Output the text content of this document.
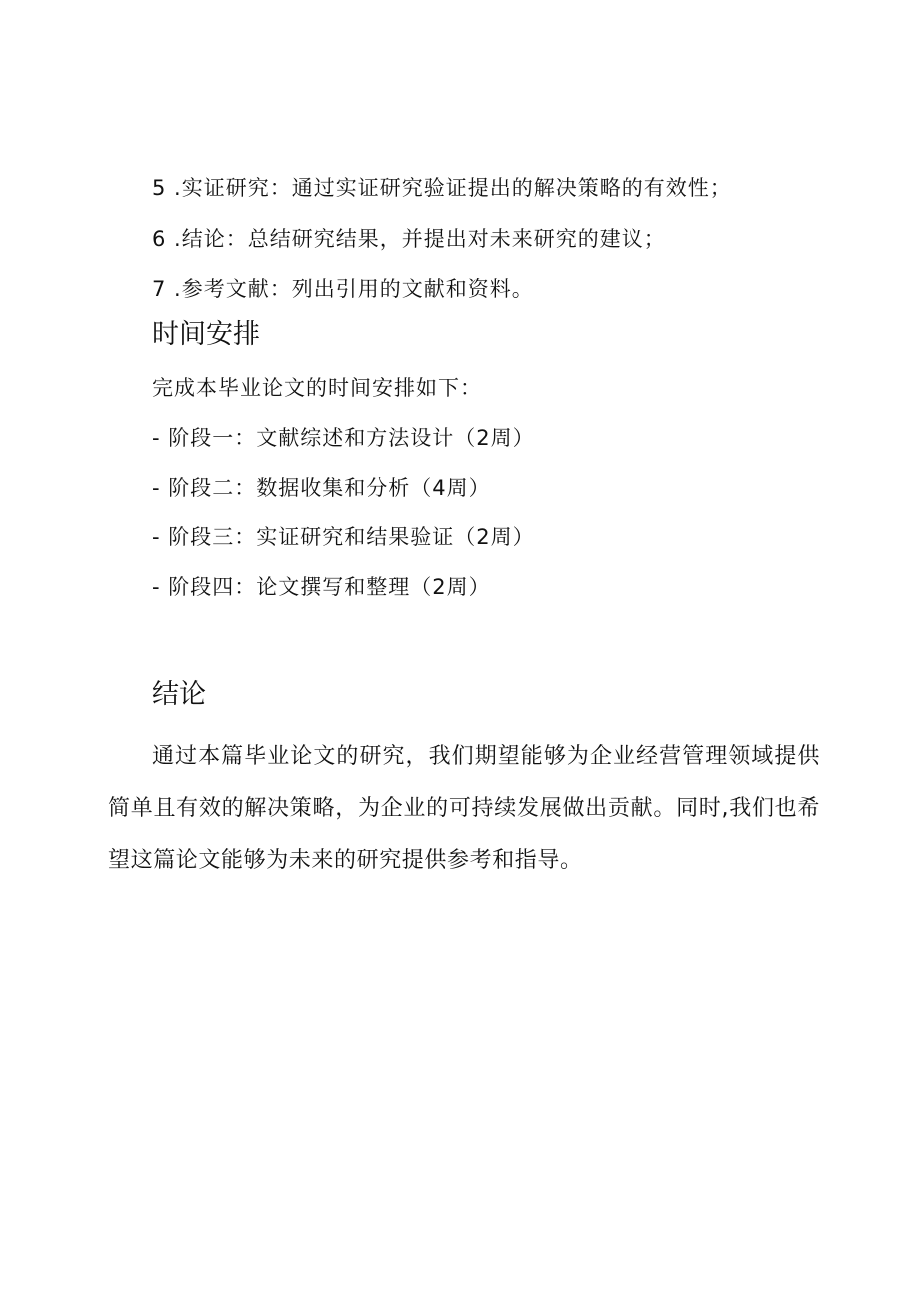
5 .实证研究：通过实证研究验证提出的解决策略的有效性；
6 .结论：总结研究结果，并提出对未来研究的建议；
7 .参考文献：列出引用的文献和资料。
时间安排
完成本毕业论文的时间安排如下：
- 阶段一：文献综述和方法设计（2周）
- 阶段二：数据收集和分析（4周）
- 阶段三：实证研究和结果验证（2周）
- 阶段四：论文撰写和整理（2周）
结论
通过本篇毕业论文的研究，我们期望能够为企业经营管理领域提供简单且有效的解决策略，为企业的可持续发展做出贡献。同时,我们也希望这篇论文能够为未来的研究提供参考和指导。
